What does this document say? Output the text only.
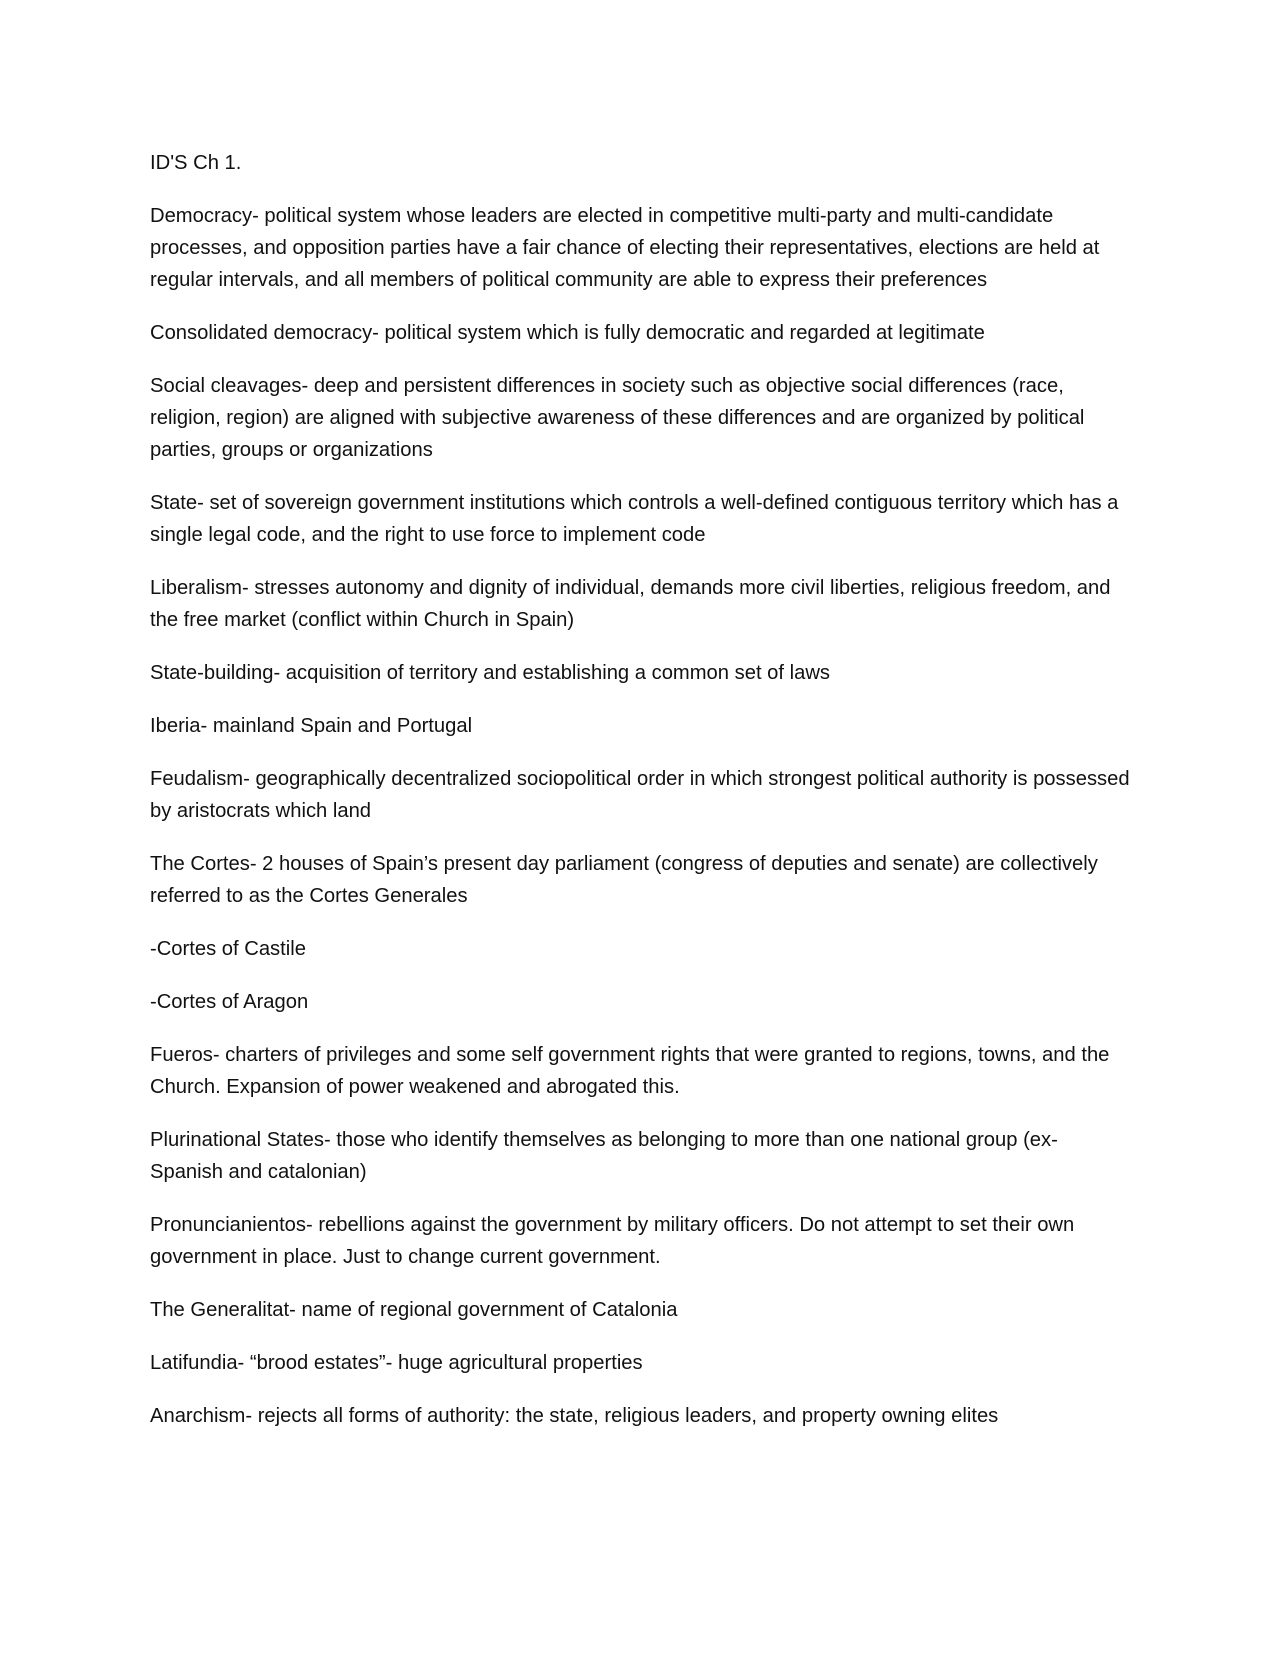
ID'S Ch 1.

Democracy- political system whose leaders are elected in competitive multi-party and multi-candidate processes, and opposition parties have a fair chance of electing their representatives, elections are held at regular intervals, and all members of political community are able to express their preferences

Consolidated democracy- political system which is fully democratic and regarded at legitimate

Social cleavages- deep and persistent differences in society such as objective social differences (race, religion, region) are aligned with subjective awareness of these differences and are organized by political parties, groups or organizations

State- set of sovereign government institutions which controls a well-defined contiguous territory which has a single legal code, and the right to use force to implement code

Liberalism- stresses autonomy and dignity of individual, demands more civil liberties, religious freedom, and the free market (conflict within Church in Spain)

State-building- acquisition of territory and establishing a common set of laws

Iberia- mainland Spain and Portugal

Feudalism- geographically decentralized sociopolitical order in which strongest political authority is possessed by aristocrats which land

The Cortes- 2 houses of Spain’s present day parliament (congress of deputies and senate) are collectively referred to as the Cortes Generales

-Cortes of Castile

-Cortes of Aragon

Fueros- charters of privileges and some self government rights that were granted to regions, towns, and the Church. Expansion of power weakened and abrogated this.

Plurinational States- those who identify themselves as belonging to more than one national group (ex- Spanish and catalonian)

Pronuncianientos- rebellions against the government by military officers. Do not attempt to set their own government in place. Just to change current government.

The Generalitat- name of regional government of Catalonia

Latifundia- “brood estates”- huge agricultural properties

Anarchism- rejects all forms of authority: the state, religious leaders, and property owning elites
